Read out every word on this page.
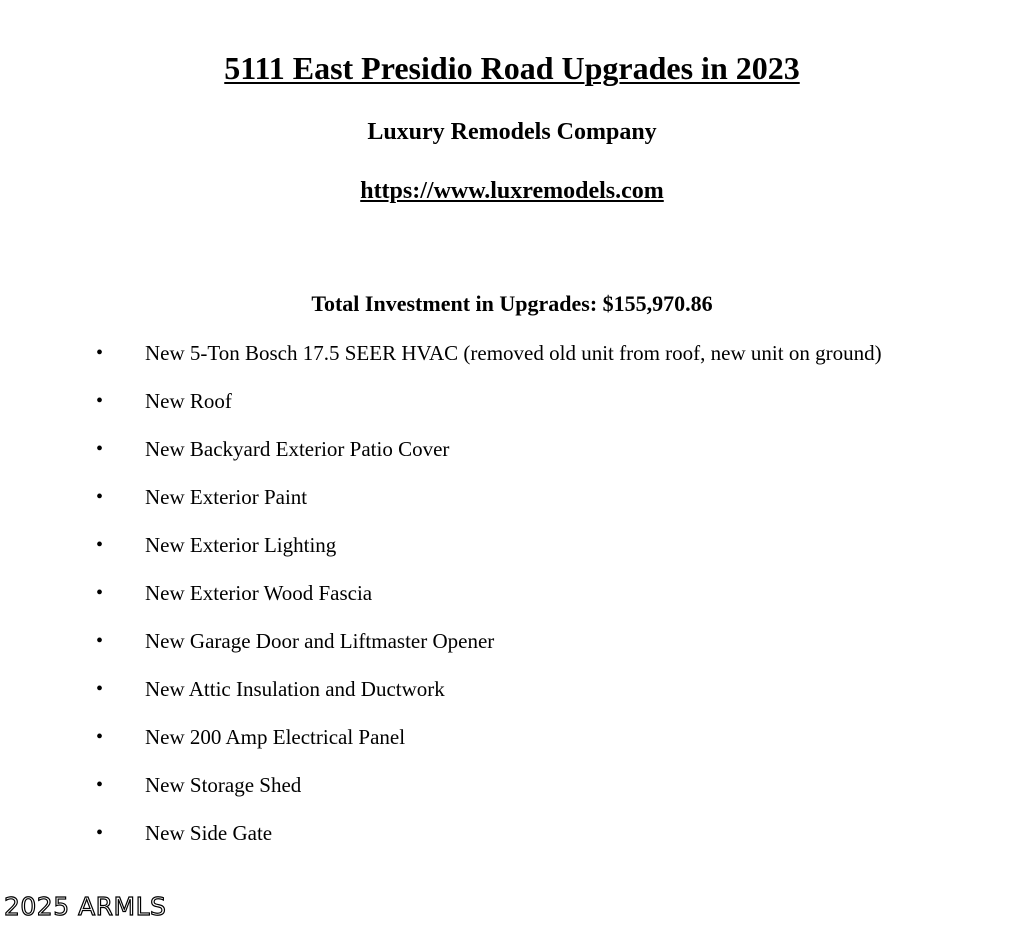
5111 East Presidio Road Upgrades in 2023
Luxury Remodels Company
https://www.luxremodels.com
Total Investment in Upgrades: $155,970.86
• New 5-Ton Bosch 17.5 SEER HVAC (removed old unit from roof, new unit on ground)
• New Roof
• New Backyard Exterior Patio Cover
• New Exterior Paint
• New Exterior Lighting
• New Exterior Wood Fascia
• New Garage Door and Liftmaster Opener
• New Attic Insulation and Ductwork
• New 200 Amp Electrical Panel
• New Storage Shed
• New Side Gate
2025 ARMLS
